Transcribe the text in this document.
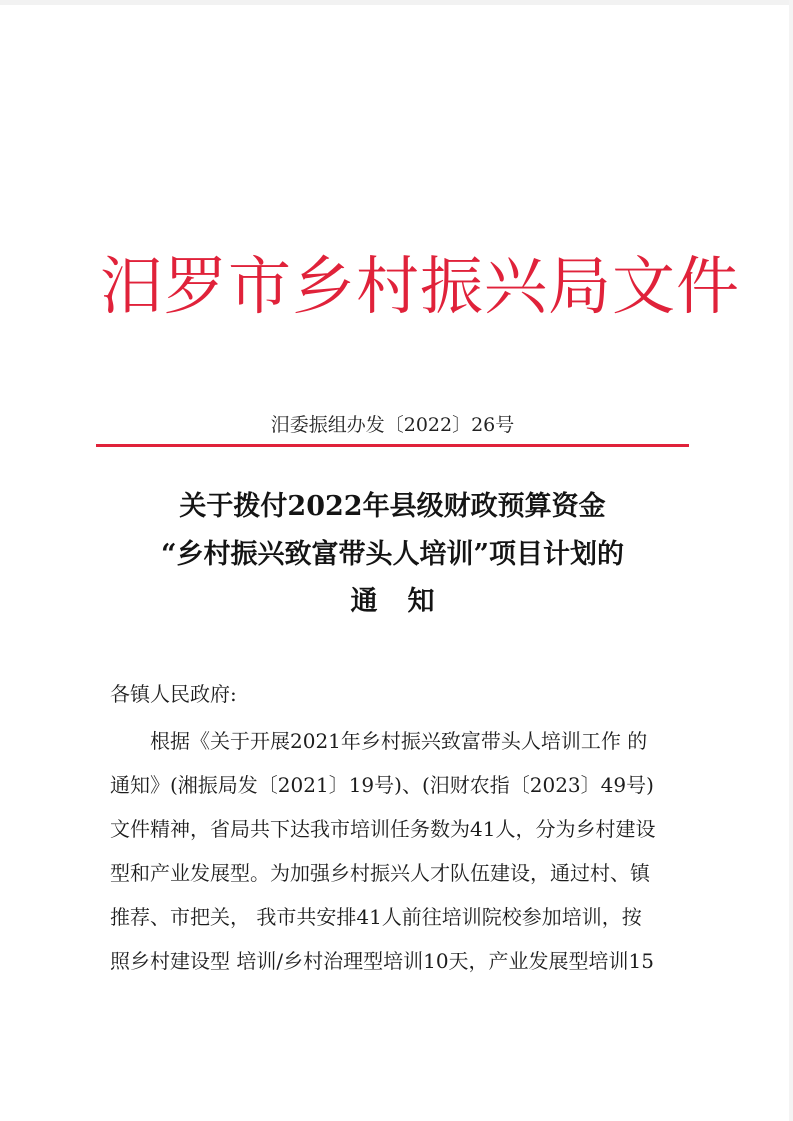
汨罗市乡村振兴局文件
汨委振组办发〔2022〕26号
关于拨付2022年县级财政预算资金
“乡村振兴致富带头人培训”项目计划的
通知
各镇人民政府:
根据《关于开展2021年乡村振兴致富带头人培训工作 的
通知》(湘振局发〔2021〕19号)、(汨财农指〔2023〕49号)
文件精神，省局共下达我市培训任务数为41人，分为乡村建设
型和产业发展型。为加强乡村振兴人才队伍建设，通过村、镇
推荐、市把关， 我市共安排41人前往培训院校参加培训，按
照乡村建设型 培训/乡村治理型培训10天，产业发展型培训15
